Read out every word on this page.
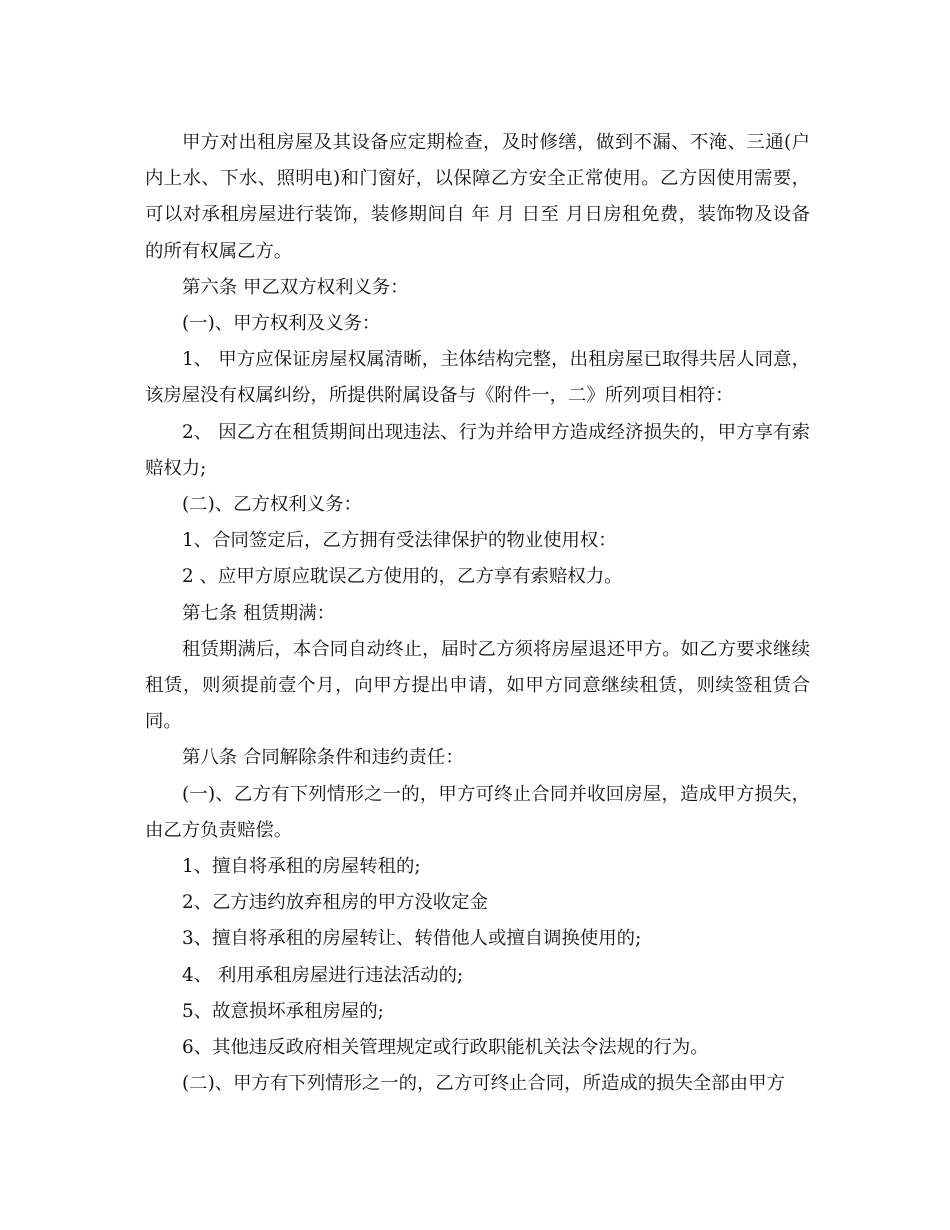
甲方对出租房屋及其设备应定期检查，及时修缮，做到不漏、不淹、三通(户内上水、下水、照明电)和门窗好，以保障乙方安全正常使用。乙方因使用需要，可以对承租房屋进行装饰，装修期间自 年 月 日至 月日房租免费，装饰物及设备的所有权属乙方。

第六条 甲乙双方权利义务：

(一)、甲方权利及义务：

1、 甲方应保证房屋权属清晰，主体结构完整，出租房屋已取得共居人同意，该房屋没有权属纠纷，所提供附属设备与《附件一，二》所列项目相符：

2、 因乙方在租赁期间出现违法、行为并给甲方造成经济损失的，甲方享有索赔权力;

(二)、乙方权利义务：

1、合同签定后，乙方拥有受法律保护的物业使用权：

2 、应甲方原应耽误乙方使用的，乙方享有索赔权力。

第七条 租赁期满：

租赁期满后，本合同自动终止，届时乙方须将房屋退还甲方。如乙方要求继续租赁，则须提前壹个月，向甲方提出申请，如甲方同意继续租赁，则续签租赁合同。

第八条 合同解除条件和违约责任：

(一)、乙方有下列情形之一的，甲方可终止合同并收回房屋，造成甲方损失，由乙方负责赔偿。

1、擅自将承租的房屋转租的;

2、乙方违约放弃租房的甲方没收定金

3、擅自将承租的房屋转让、转借他人或擅自调换使用的;

4、 利用承租房屋进行违法活动的;

5、故意损坏承租房屋的;

6、其他违反政府相关管理规定或行政职能机关法令法规的行为。

(二)、甲方有下列情形之一的，乙方可终止合同，所造成的损失全部由甲方
